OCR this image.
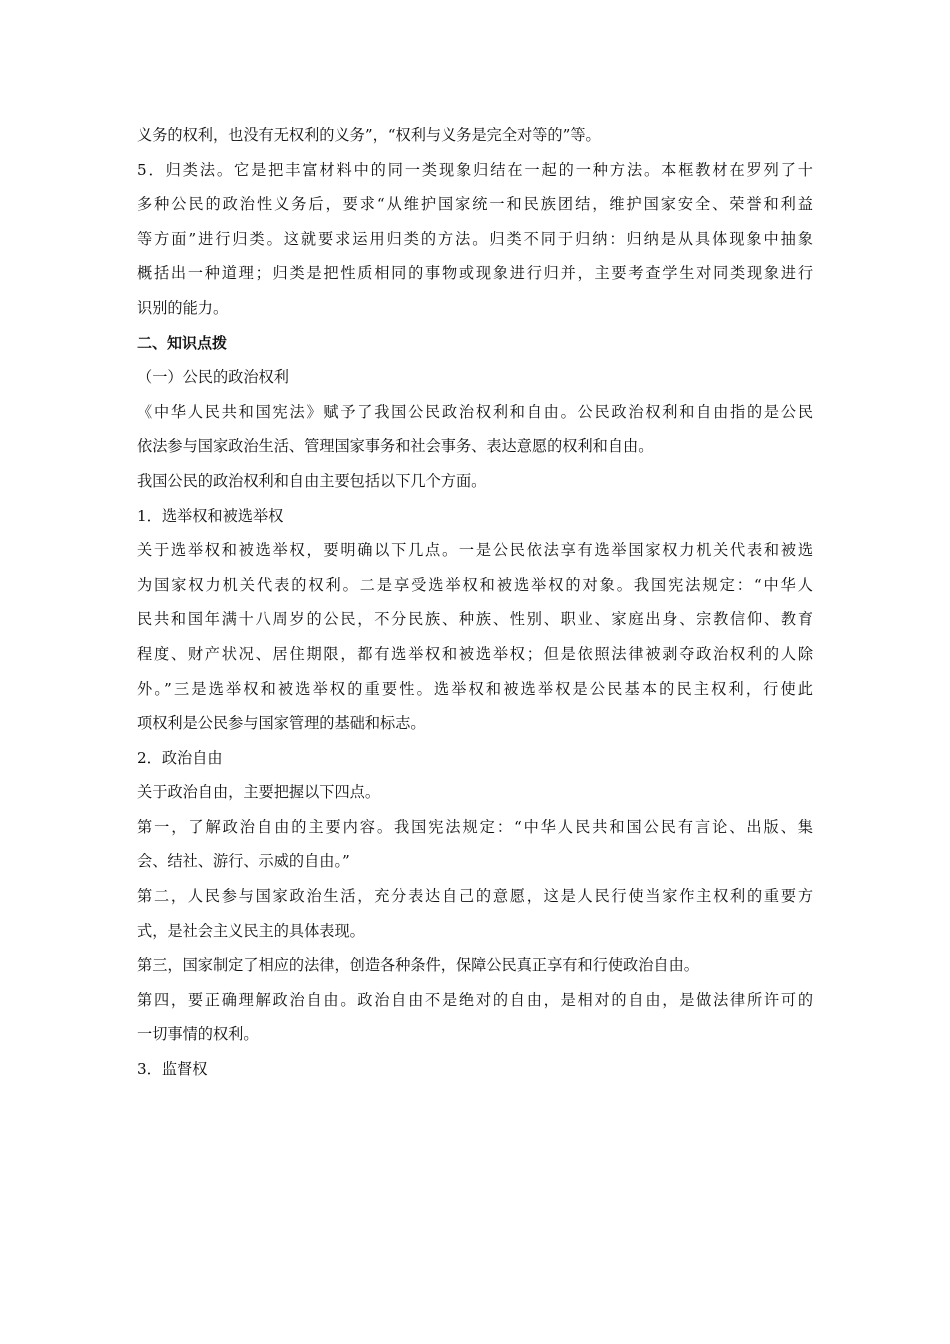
义务的权利，也没有无权利的义务”，“权利与义务是完全对等的”等。
5．归类法。它是把丰富材料中的同一类现象归结在一起的一种方法。本框教材在罗列了十
多种公民的政治性义务后，要求“从维护国家统一和民族团结，维护国家安全、荣誉和利益
等方面”进行归类。这就要求运用归类的方法。归类不同于归纳：归纳是从具体现象中抽象
概括出一种道理；归类是把性质相同的事物或现象进行归并，主要考查学生对同类现象进行
识别的能力。
二、知识点拨
（一）公民的政治权利
《中华人民共和国宪法》赋予了我国公民政治权利和自由。公民政治权利和自由指的是公民
依法参与国家政治生活、管理国家事务和社会事务、表达意愿的权利和自由。
我国公民的政治权利和自由主要包括以下几个方面。
1．选举权和被选举权
关于选举权和被选举权，要明确以下几点。一是公民依法享有选举国家权力机关代表和被选
为国家权力机关代表的权利。二是享受选举权和被选举权的对象。我国宪法规定：“中华人
民共和国年满十八周岁的公民，不分民族、种族、性别、职业、家庭出身、宗教信仰、教育
程度、财产状况、居住期限，都有选举权和被选举权；但是依照法律被剥夺政治权利的人除
外。”三是选举权和被选举权的重要性。选举权和被选举权是公民基本的民主权利，行使此
项权利是公民参与国家管理的基础和标志。
2．政治自由
关于政治自由，主要把握以下四点。
第一，了解政治自由的主要内容。我国宪法规定：“中华人民共和国公民有言论、出版、集
会、结社、游行、示威的自由。”
第二，人民参与国家政治生活，充分表达自己的意愿，这是人民行使当家作主权利的重要方
式，是社会主义民主的具体表现。
第三，国家制定了相应的法律，创造各种条件，保障公民真正享有和行使政治自由。
第四，要正确理解政治自由。政治自由不是绝对的自由，是相对的自由，是做法律所许可的
一切事情的权利。
3．监督权
